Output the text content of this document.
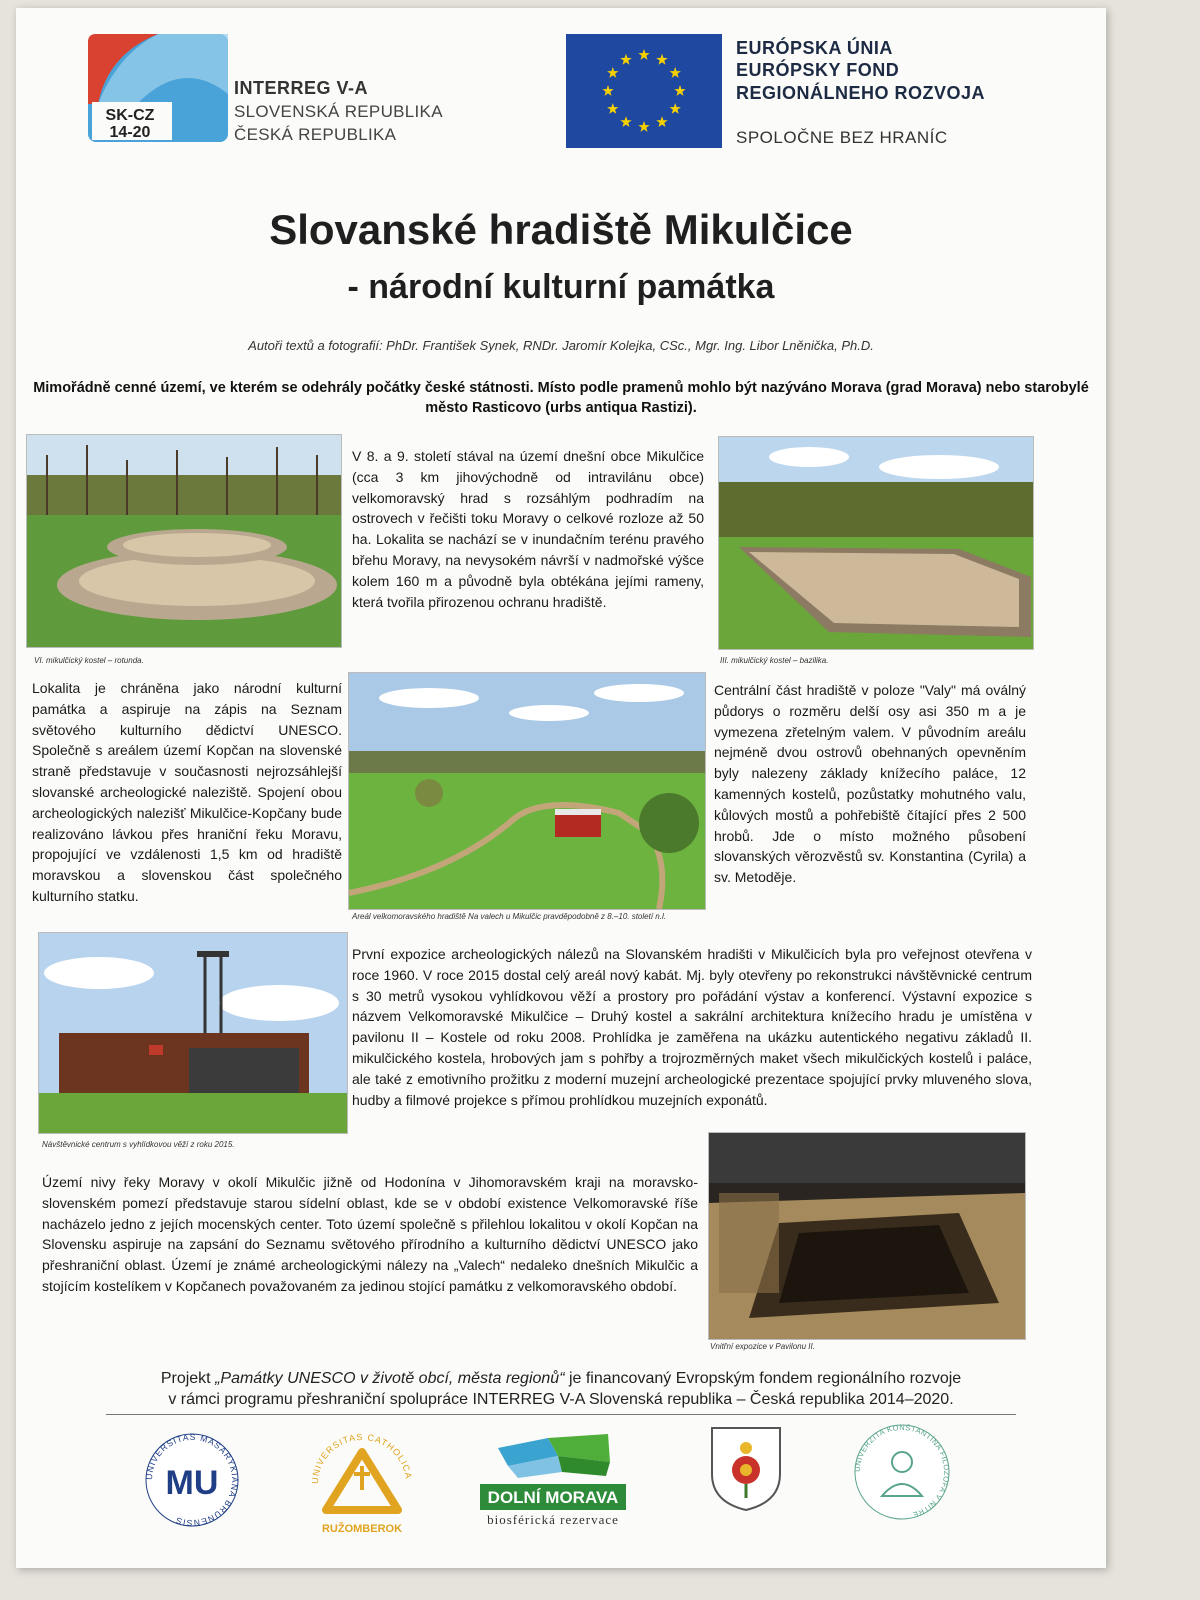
SK-CZ
14-20
INTERREG V-A
SLOVENSKÁ REPUBLIKA
ČESKÁ REPUBLIKA
EURÓPSKA ÚNIA
EURÓPSKY FOND
REGIONÁLNEHO ROZVOJA
SPOLOČNE BEZ HRANÍC
Slovanské hradiště Mikulčice
- národní kulturní památka
Autoři textů a fotografií: PhDr. František Synek, RNDr. Jaromír Kolejka, CSc., Mgr. Ing. Libor Lněnička, Ph.D.
Mimořádně cenné území, ve kterém se odehrály počátky české státnosti. Místo podle pramenů mohlo být nazýváno Morava (grad Morava) nebo starobylé město Rasticovo (urbs antiqua Rastizi).
VI. mikulčický kostel – rotunda.
V 8. a 9. století stával na území dnešní obce Mikulčice (cca 3 km jihovýchodně od intravilánu obce) velkomoravský hrad s rozsáhlým podhradím na ostrovech v řečišti toku Moravy o celkové rozloze až 50 ha. Lokalita se nachází se v inundačním terénu pravého břehu Moravy, na nevysokém návrší v nadmořské výšce kolem 160 m a původně byla obtékána jejími rameny, která tvořila přirozenou ochranu hradiště.
III. mikulčický kostel – bazilika.
Lokalita je chráněna jako národní kulturní památka a aspiruje na zápis na Seznam světového kulturního dědictví UNESCO. Společně s areálem území Kopčan na slovenské straně představuje v současnosti nejrozsáhlejší slovanské archeologické naleziště. Spojení obou archeologických nalezišť Mikulčice-Kopčany bude realizováno lávkou přes hraniční řeku Moravu, propojující ve vzdálenosti 1,5 km od hradiště moravskou a slovenskou část společného kulturního statku.
Areál velkomoravského hradiště Na valech u Mikulčic pravděpodobně z 8.–10. století n.l.
Centrální část hradiště v poloze "Valy" má oválný půdorys o rozměru delší osy asi 350 m a je vymezena zřetelným valem. V původním areálu nejméně dvou ostrovů obehnaných opevněním byly nalezeny základy knížecího paláce, 12 kamenných kostelů, pozůstatky mohutného valu, kůlových mostů a pohřebiště čítající přes 2 500 hrobů. Jde o místo možného působení slovanských věrozvěstů sv. Konstantina (Cyrila) a sv. Metoděje.
Návštěvnické centrum s vyhlídkovou věží z roku 2015.
První expozice archeologických nálezů na Slovanském hradišti v Mikulčicích byla pro veřejnost otevřena v roce 1960. V roce 2015 dostal celý areál nový kabát. Mj. byly otevřeny po rekonstrukci návštěvnické centrum s 30 metrů vysokou vyhlídkovou věží a prostory pro pořádání výstav a konferencí. Výstavní expozice s názvem Velkomoravské Mikulčice – Druhý kostel a sakrální architektura knížecího hradu je umístěna v pavilonu II – Kostele od roku 2008. Prohlídka je zaměřena na ukázku autentického negativu základů II. mikulčického kostela, hrobových jam s pohřby a trojrozměrných maket všech mikulčických kostelů i paláce, ale také z emotivního prožitku z moderní muzejní archeologické prezentace spojující prvky mluveného slova, hudby a filmové projekce s přímou prohlídkou muzejních exponátů.
Území nivy řeky Moravy v okolí Mikulčic jižně od Hodonína v Jihomoravském kraji na moravsko-slovenském pomezí představuje starou sídelní oblast, kde se v období existence Velkomoravské říše nacházelo jedno z jejích mocenských center. Toto území společně s přilehlou lokalitou v okolí Kopčan na Slovensku aspiruje na zapsání do Seznamu světového přírodního a kulturního dědictví UNESCO jako přeshraniční oblast. Území je známé archeologickými nálezy na „Valech“ nedaleko dnešních Mikulčic a stojícím kostelíkem v Kopčanech považovaném za jedinou stojící památku z velkomoravského období.
Vnitřní expozice v Pavilonu II.
Projekt „Památky UNESCO v životě obcí, města regionů“ je financovaný Evropským fondem regionálního rozvoje
v rámci programu přeshraniční spolupráce INTERREG V-A Slovenská republika – Česká republika 2014–2020.
UNIVERSITAS MASARYKIANA BRUNENSIS
MU	UNIVERSITAS CATHOLICA
RUŽOMBEROK
DOLNÍ MORAVA
biosférická rezervace
UNIVERZITA KONŠTANTÍNA FILOZOFA V NITRE
